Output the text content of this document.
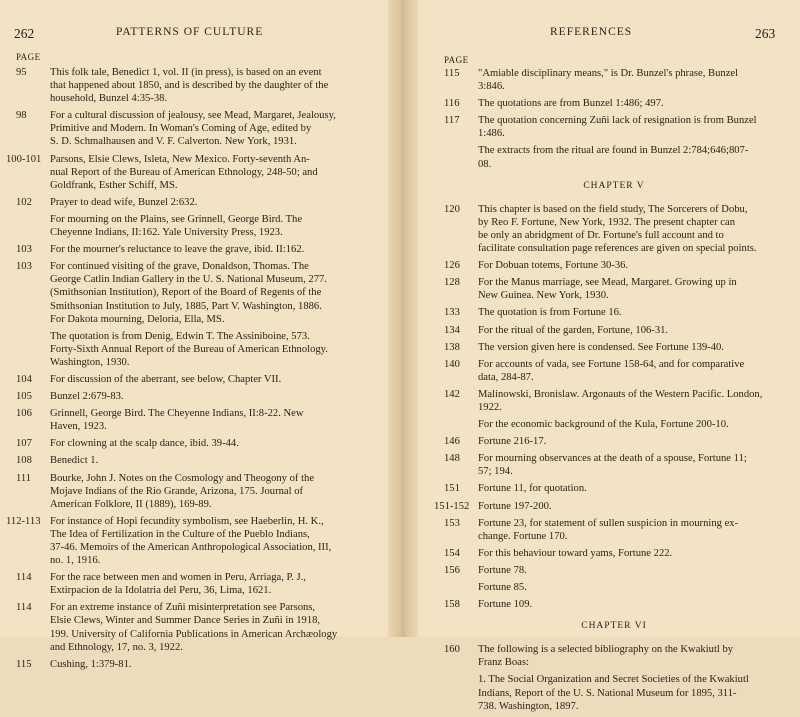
262	PATTERNS OF CULTURE
PAGE
95 This folk tale, Benedict 1, vol. II (in press), is based on an event
that happened about 1850, and is described by the daughter of the
household, Bunzel 4:35-38.
98 For a cultural discussion of jealousy, see Mead, Margaret, Jealousy,
Primitive and Modern. In Woman's Coming of Age, edited by
S. D. Schmalhausen and V. F. Calverton. New York, 1931.
100-101 Parsons, Elsie Clews, Isleta, New Mexico. Forty-seventh An-
nual Report of the Bureau of American Ethnology, 248-50; and
Goldfrank, Esther Schiff, MS.
102 Prayer to dead wife, Bunzel 2:632.
For mourning on the Plains, see Grinnell, George Bird. The
Cheyenne Indians, II:162. Yale University Press, 1923.
103 For the mourner's reluctance to leave the grave, ibid. II:162.
103 For continued visiting of the grave, Donaldson, Thomas. The
George Catlin Indian Gallery in the U. S. National Museum, 277.
(Smithsonian Institution), Report of the Board of Regents of the
Smithsonian Institution to July, 1885, Part V. Washington, 1886.
For Dakota mourning, Deloria, Ella, MS.
The quotation is from Denig, Edwin T. The Assiniboine, 573.
Forty-Sixth Annual Report of the Bureau of American Ethnology.
Washington, 1930.
104 For discussion of the aberrant, see below, Chapter VII.
105 Bunzel 2:679-83.
106 Grinnell, George Bird. The Cheyenne Indians, II:8-22. New
Haven, 1923.
107 For clowning at the scalp dance, ibid. 39-44.
108 Benedict 1.
111 Bourke, John J. Notes on the Cosmology and Theogony of the
Mojave Indians of the Rio Grande, Arizona, 175. Journal of
American Folklore, II (1889), 169-89.
112-113 For instance of Hopi fecundity symbolism, see Haeberlin, H. K.,
The Idea of Fertilization in the Culture of the Pueblo Indians,
37-46. Memoirs of the American Anthropological Association, III,
no. 1, 1916.
114 For the race between men and women in Peru, Arriaga, P. J.,
Extirpacion de la Idolatria del Peru, 36, Lima, 1621.
114 For an extreme instance of Zuñi misinterpretation see Parsons,
Elsie Clews, Winter and Summer Dance Series in Zuñi in 1918,
199. University of California Publications in American Archæology
and Ethnology, 17, no. 3, 1922.
115 Cushing, 1:379-81.
REFERENCES	263
PAGE
115 "Amiable disciplinary means," is Dr. Bunzel's phrase, Bunzel
3:846.
116 The quotations are from Bunzel 1:486; 497.
117 The quotation concerning Zuñi lack of resignation is from Bunzel
1:486.
The extracts from the ritual are found in Bunzel 2:784;646;807-
08.
CHAPTER V
120 This chapter is based on the field study, The Sorcerers of Dobu,
by Reo F. Fortune, New York, 1932. The present chapter can
be only an abridgment of Dr. Fortune's full account and to
facilitate consultation page references are given on special points.
126 For Dobuan totems, Fortune 30-36.
128 For the Manus marriage, see Mead, Margaret. Growing up in
New Guinea. New York, 1930.
133 The quotation is from Fortune 16.
134 For the ritual of the garden, Fortune, 106-31.
138 The version given here is condensed. See Fortune 139-40.
140 For accounts of vada, see Fortune 158-64, and for comparative
data, 284-87.
142 Malinowski, Bronislaw. Argonauts of the Western Pacific. London,
1922.
For the economic background of the Kula, Fortune 200-10.
146 Fortune 216-17.
148 For mourning observances at the death of a spouse, Fortune 11;
57; 194.
151 Fortune 11, for quotation.
151-152 Fortune 197-200.
153 Fortune 23, for statement of sullen suspicion in mourning ex-
change. Fortune 170.
154 For this behaviour toward yams, Fortune 222.
156 Fortune 78.
Fortune 85.
158 Fortune 109.
CHAPTER VI
160 The following is a selected bibliography on the Kwakiutl by
Franz Boas:
1. The Social Organization and Secret Societies of the Kwakiutl
Indians, Report of the U. S. National Museum for 1895, 311-
738. Washington, 1897.
